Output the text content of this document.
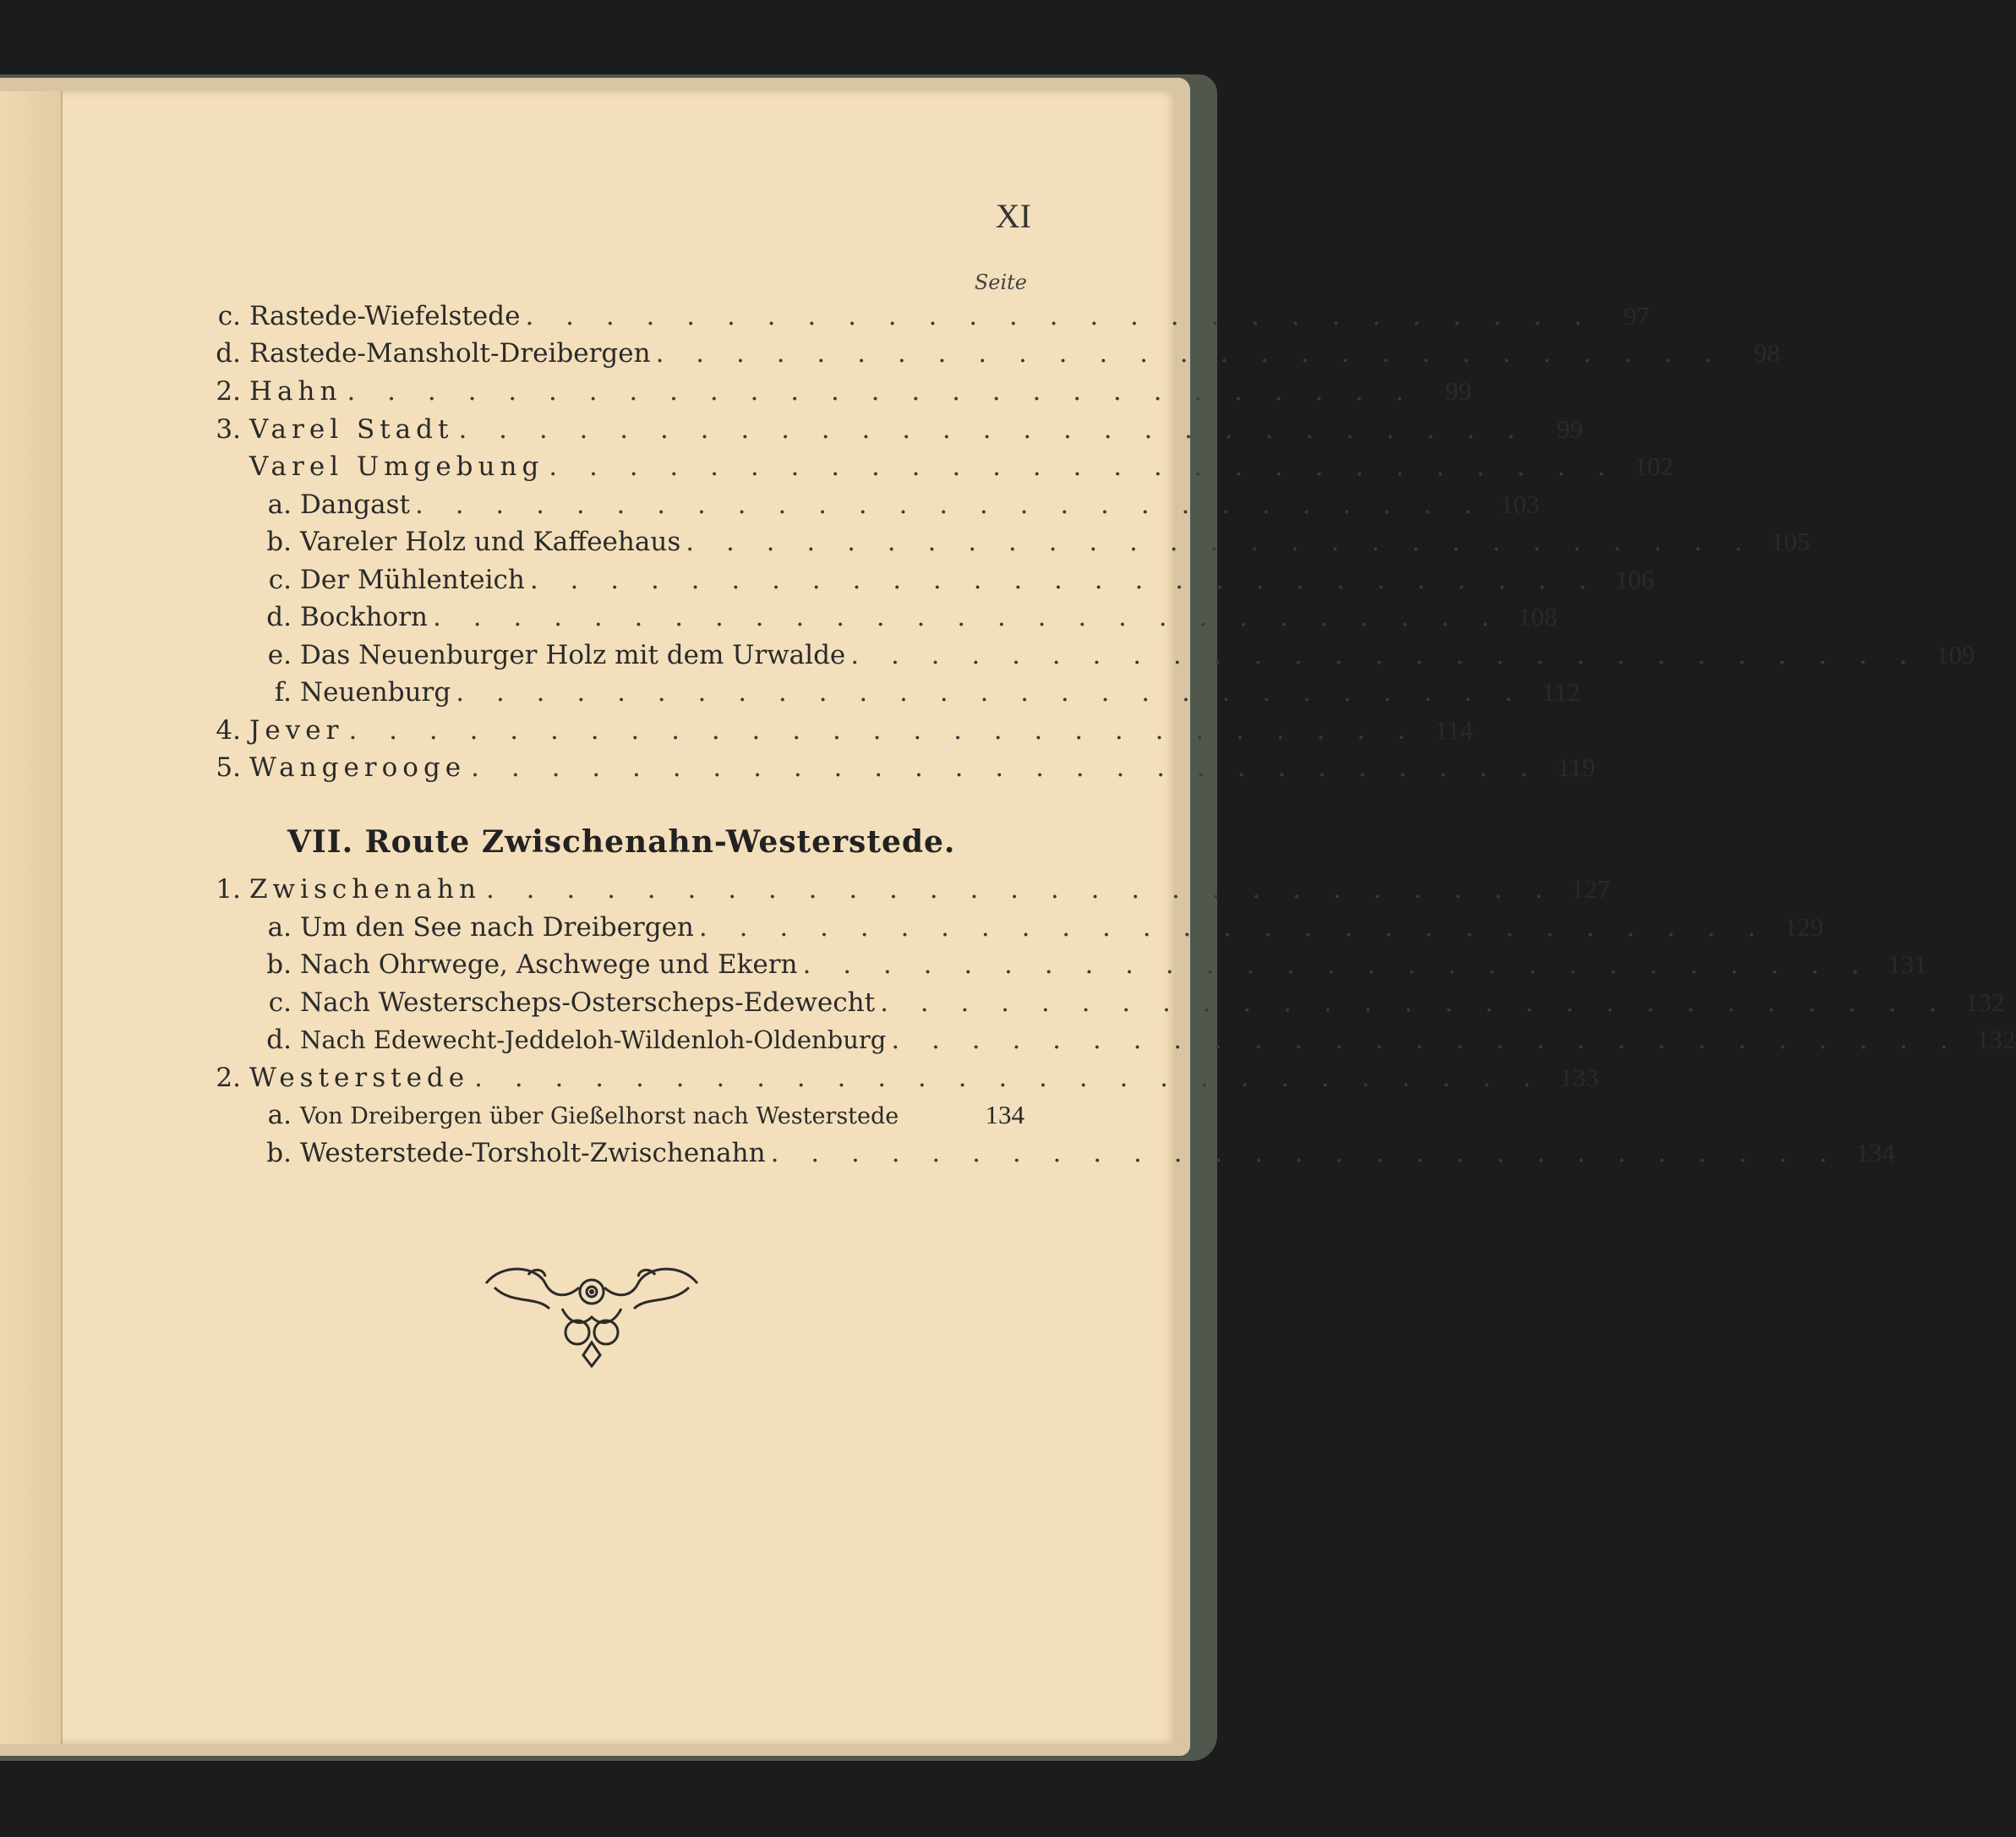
XI
Seite
c. Rastede-Wiefelstede . . . . . . . . . . . . . . . . . . . . . . . . . . .	97
d. Rastede-Mansholt-Dreibergen . . . . . . . . . . . . . . . . . . . . . . . . . . .	98
2. Hahn . . . . . . . . . . . . . . . . . . . . . . . . . . .	99
3. Varel Stadt . . . . . . . . . . . . . . . . . . . . . . . . . . .	99
Varel Umgebung . . . . . . . . . . . . . . . . . . . . . . . . . . . 102
a. Dangast . . . . . . . . . . . . . . . . . . . . . . . . . . . 103
b. Vareler Holz und Kaffeehaus . . . . . . . . . . . . . . . . . . . . . . . . . . . 105
c. Der Mühlenteich . . . . . . . . . . . . . . . . . . . . . . . . . . . 106
d. Bockhorn . . . . . . . . . . . . . . . . . . . . . . . . . . . 108
e. Das Neuenburger Holz mit dem Urwalde . . . . . . . . . . . . . . . . . . . . . . . . . . . 109
f. Neuenburg . . . . . . . . . . . . . . . . . . . . . . . . . . . 112
4. Jever . . . . . . . . . . . . . . . . . . . . . . . . . . . 114
5. Wangerooge . . . . . . . . . . . . . . . . . . . . . . . . . . . 119
VII. Route Zwischenahn-Westerstede.
1. Zwischenahn . . . . . . . . . . . . . . . . . . . . . . . . . . . 127
a. Um den See nach Dreibergen . . . . . . . . . . . . . . . . . . . . . . . . . . . 129
b. Nach Ohrwege, Aschwege und Ekern . . . . . . . . . . . . . . . . . . . . . . . . . . . 131
c. Nach Westerscheps-Osterscheps-Edewecht . . . . . . . . . . . . . . . . . . . . . . . . . . . 132
d. Nach Edewecht-Jeddeloh-Wildenloh-Oldenburg . . . . . . . . . . . . . . . . . . . . . . . . . . . 132
2. Westerstede . . . . . . . . . . . . . . . . . . . . . . . . . . . 133
a. Von Dreibergen über Gießelhorst nach Westerstede	134
b. Westerstede-Torsholt-Zwischenahn . . . . . . . . . . . . . . . . . . . . . . . . . . . 134
